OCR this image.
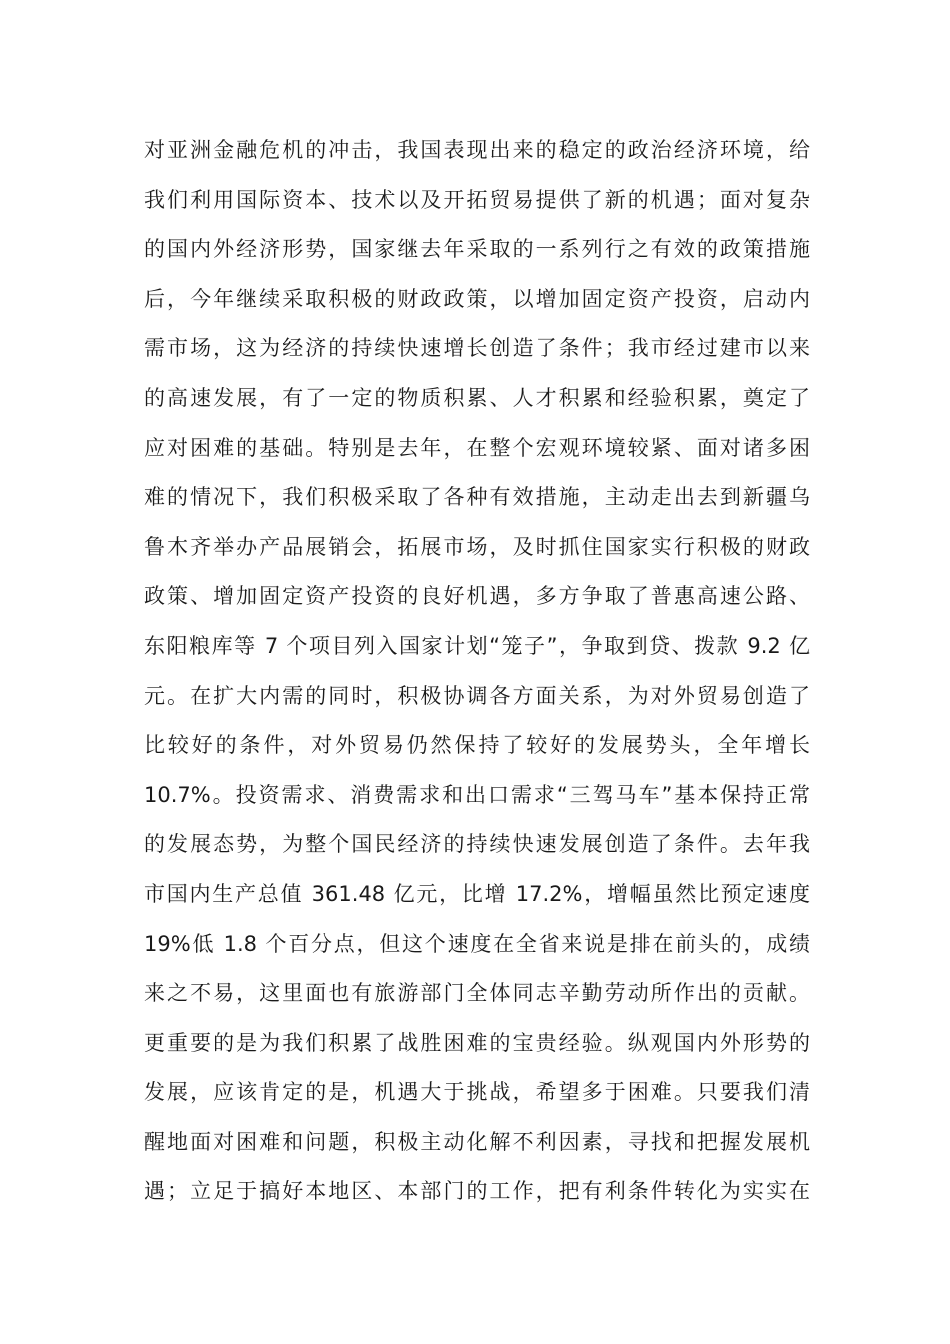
对亚洲金融危机的冲击，我国表现出来的稳定的政治经济环境，给
我们利用国际资本、技术以及开拓贸易提供了新的机遇；面对复杂
的国内外经济形势，国家继去年采取的一系列行之有效的政策措施
后，今年继续采取积极的财政政策，以增加固定资产投资，启动内
需市场，这为经济的持续快速增长创造了条件；我市经过建市以来
的高速发展，有了一定的物质积累、人才积累和经验积累，奠定了
应对困难的基础。特别是去年，在整个宏观环境较紧、面对诸多困
难的情况下，我们积极采取了各种有效措施，主动走出去到新疆乌
鲁木齐举办产品展销会，拓展市场，及时抓住国家实行积极的财政
政策、增加固定资产投资的良好机遇，多方争取了普惠高速公路、
东阳粮库等 7 个项目列入国家计划“笼子”，争取到贷、拨款 9.2 亿
元。在扩大内需的同时，积极协调各方面关系，为对外贸易创造了
比较好的条件，对外贸易仍然保持了较好的发展势头，全年增长
10.7%。投资需求、消费需求和出口需求“三驾马车”基本保持正常
的发展态势，为整个国民经济的持续快速发展创造了条件。去年我
市国内生产总值 361.48 亿元，比增 17.2%，增幅虽然比预定速度
19%低 1.8 个百分点，但这个速度在全省来说是排在前头的，成绩
来之不易，这里面也有旅游部门全体同志辛勤劳动所作出的贡献。
更重要的是为我们积累了战胜困难的宝贵经验。纵观国内外形势的
发展，应该肯定的是，机遇大于挑战，希望多于困难。只要我们清
醒地面对困难和问题，积极主动化解不利因素，寻找和把握发展机
遇；立足于搞好本地区、本部门的工作，把有利条件转化为实实在
